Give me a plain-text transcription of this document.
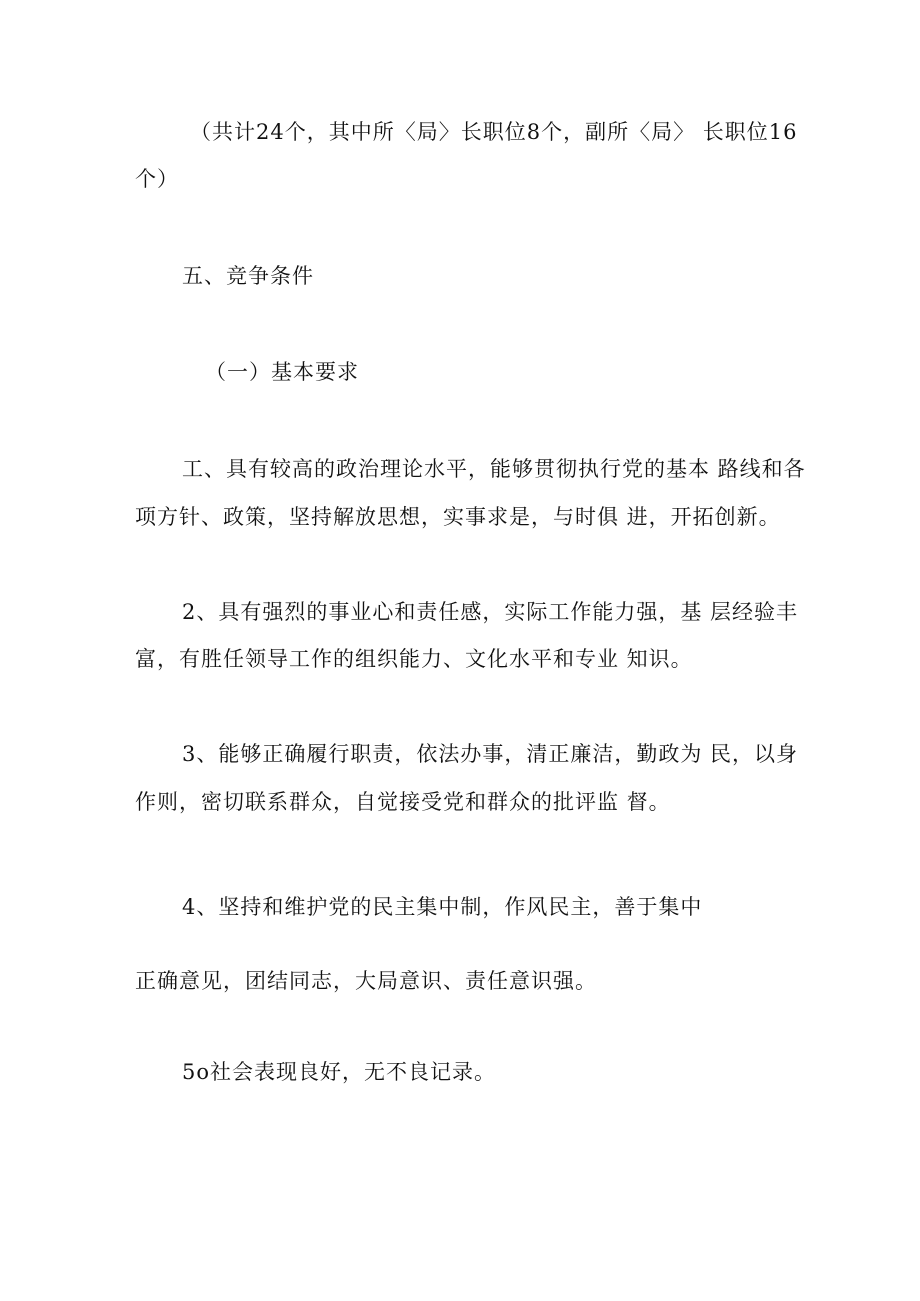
（共计24个，其中所〈局〉长职位8个，副所〈局〉 长职位16
个）
五、竞争条件
（一）基本要求
工、具有较高的政治理论水平，能够贯彻执行党的基本 路线和各
项方针、政策，坚持解放思想，实事求是，与时俱 进，开拓创新。
2、具有强烈的事业心和责任感，实际工作能力强，基 层经验丰
富，有胜任领导工作的组织能力、文化水平和专业 知识。
3、能够正确履行职责，依法办事，清正廉洁，勤政为 民，以身
作则，密切联系群众，自觉接受党和群众的批评监 督。
4、坚持和维护党的民主集中制，作风民主，善于集中
正确意见，团结同志，大局意识、责任意识强。
5o社会表现良好，无不良记录。
